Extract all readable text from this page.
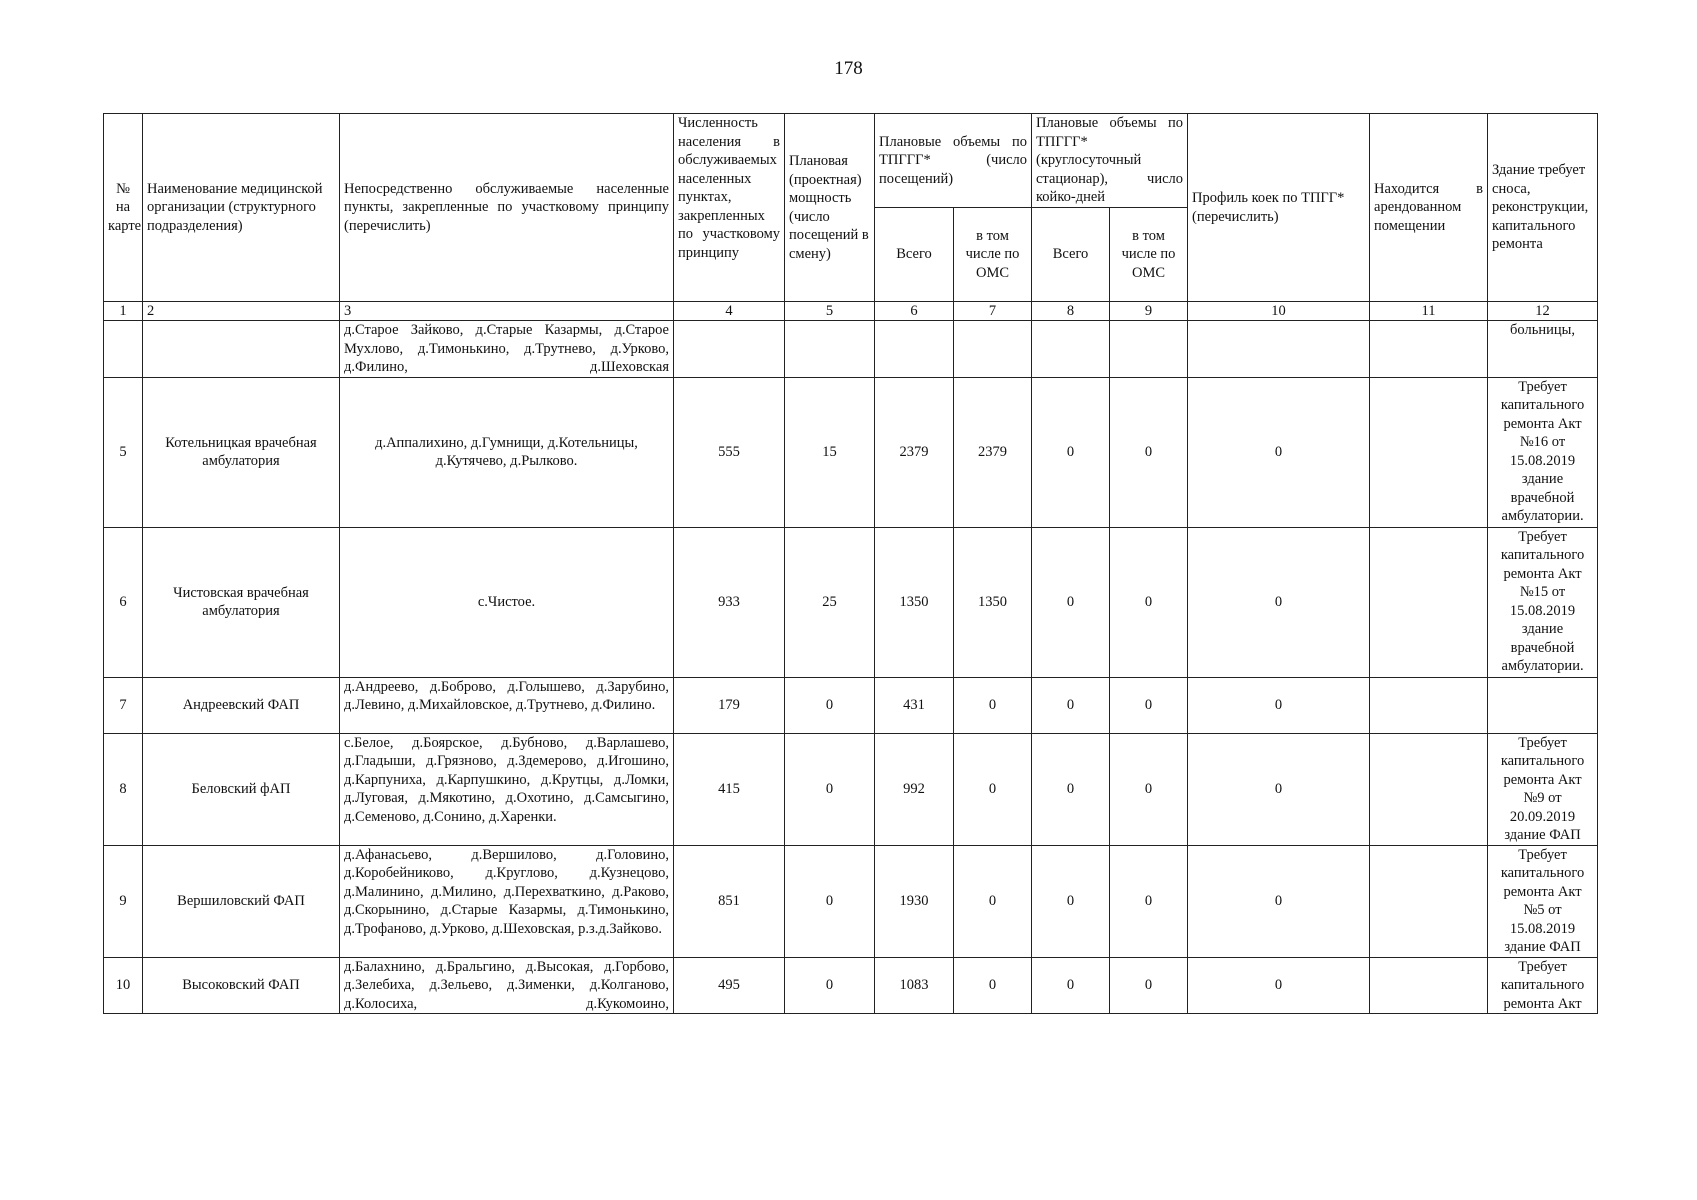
178
№ на карте	Наименование медицинской организации (структурного подразделения)	Непосредственно обслуживаемые населенные пункты, закрепленные по участковому принципу (перечислить)	Численность населения в обслуживаемых населенных пунктах, закрепленных по участковому принципу	Плановая (проектная) мощность (число посещений в смену)	Плановые объемы по ТПГГГ* (число посещений)		Плановые объемы по ТПГГГ* (круглосуточный стационар), число койко-дней		Профиль коек по ТПГГ* (перечислить)	Находится в арендованном помещении	Здание требует сноса, реконструкции, капитального ремонта
					Всего	в том числе по ОМС	Всего	в том числе по ОМС			
1	2	3	4	5	6	7	8	9	10	11	12
		д.Старое Зайково, д.Старые Казармы, д.Старое Мухлово, д.Тимонькино, д.Трутнево, д.Урково, д.Филино, д.Шеховская									больницы,
5	Котельницкая врачебная амбулатория	д.Аппалихино, д.Гумнищи, д.Котельницы, д.Кутячево, д.Рылково.	555	15	2379	2379	0	0	0		Требует капитального ремонта Акт №16 от 15.08.2019 здание врачебной амбулатории.
6	Чистовская врачебная амбулатория	с.Чистое.	933	25	1350	1350	0	0	0		Требует капитального ремонта Акт №15 от 15.08.2019 здание врачебной амбулатории.
7	Андреевский ФАП	д.Андреево, д.Боброво, д.Голышево, д.Зарубино, д.Левино, д.Михайловское, д.Трутнево, д.Филино.	179	0	431	0	0	0	0		
8	Беловский фАП	с.Белое, д.Боярское, д.Бубново, д.Варлашево, д.Гладыши, д.Грязново, д.Здемерово, д.Игошино, д.Карпуниха, д.Карпушкино, д.Крутцы, д.Ломки, д.Луговая, д.Мякотино, д.Охотино, д.Самсыгино, д.Семеново, д.Сонино, д.Харенки.	415	0	992	0	0	0	0		Требует капитального ремонта Акт №9 от 20.09.2019 здание ФАП
9	Вершиловский ФАП	д.Афанасьево, д.Вершилово, д.Головино, д.Коробейниково, д.Круглово, д.Кузнецово, д.Малинино, д.Милино, д.Перехваткино, д.Раково, д.Скорынино, д.Старые Казармы, д.Тимонькино, д.Трофаново, д.Урково, д.Шеховская, р.з.д.Зайково.	851	0	1930	0	0	0	0		Требует капитального ремонта Акт №5 от 15.08.2019 здание ФАП
10	Высоковский ФАП	д.Балахнино, д.Бральгино, д.Высокая, д.Горбово, д.Зелебиха, д.Зельево, д.Зименки, д.Колганово, д.Колосиха, д.Кукомоино,	495	0	1083	0	0	0	0		Требует капитального ремонта Акт
